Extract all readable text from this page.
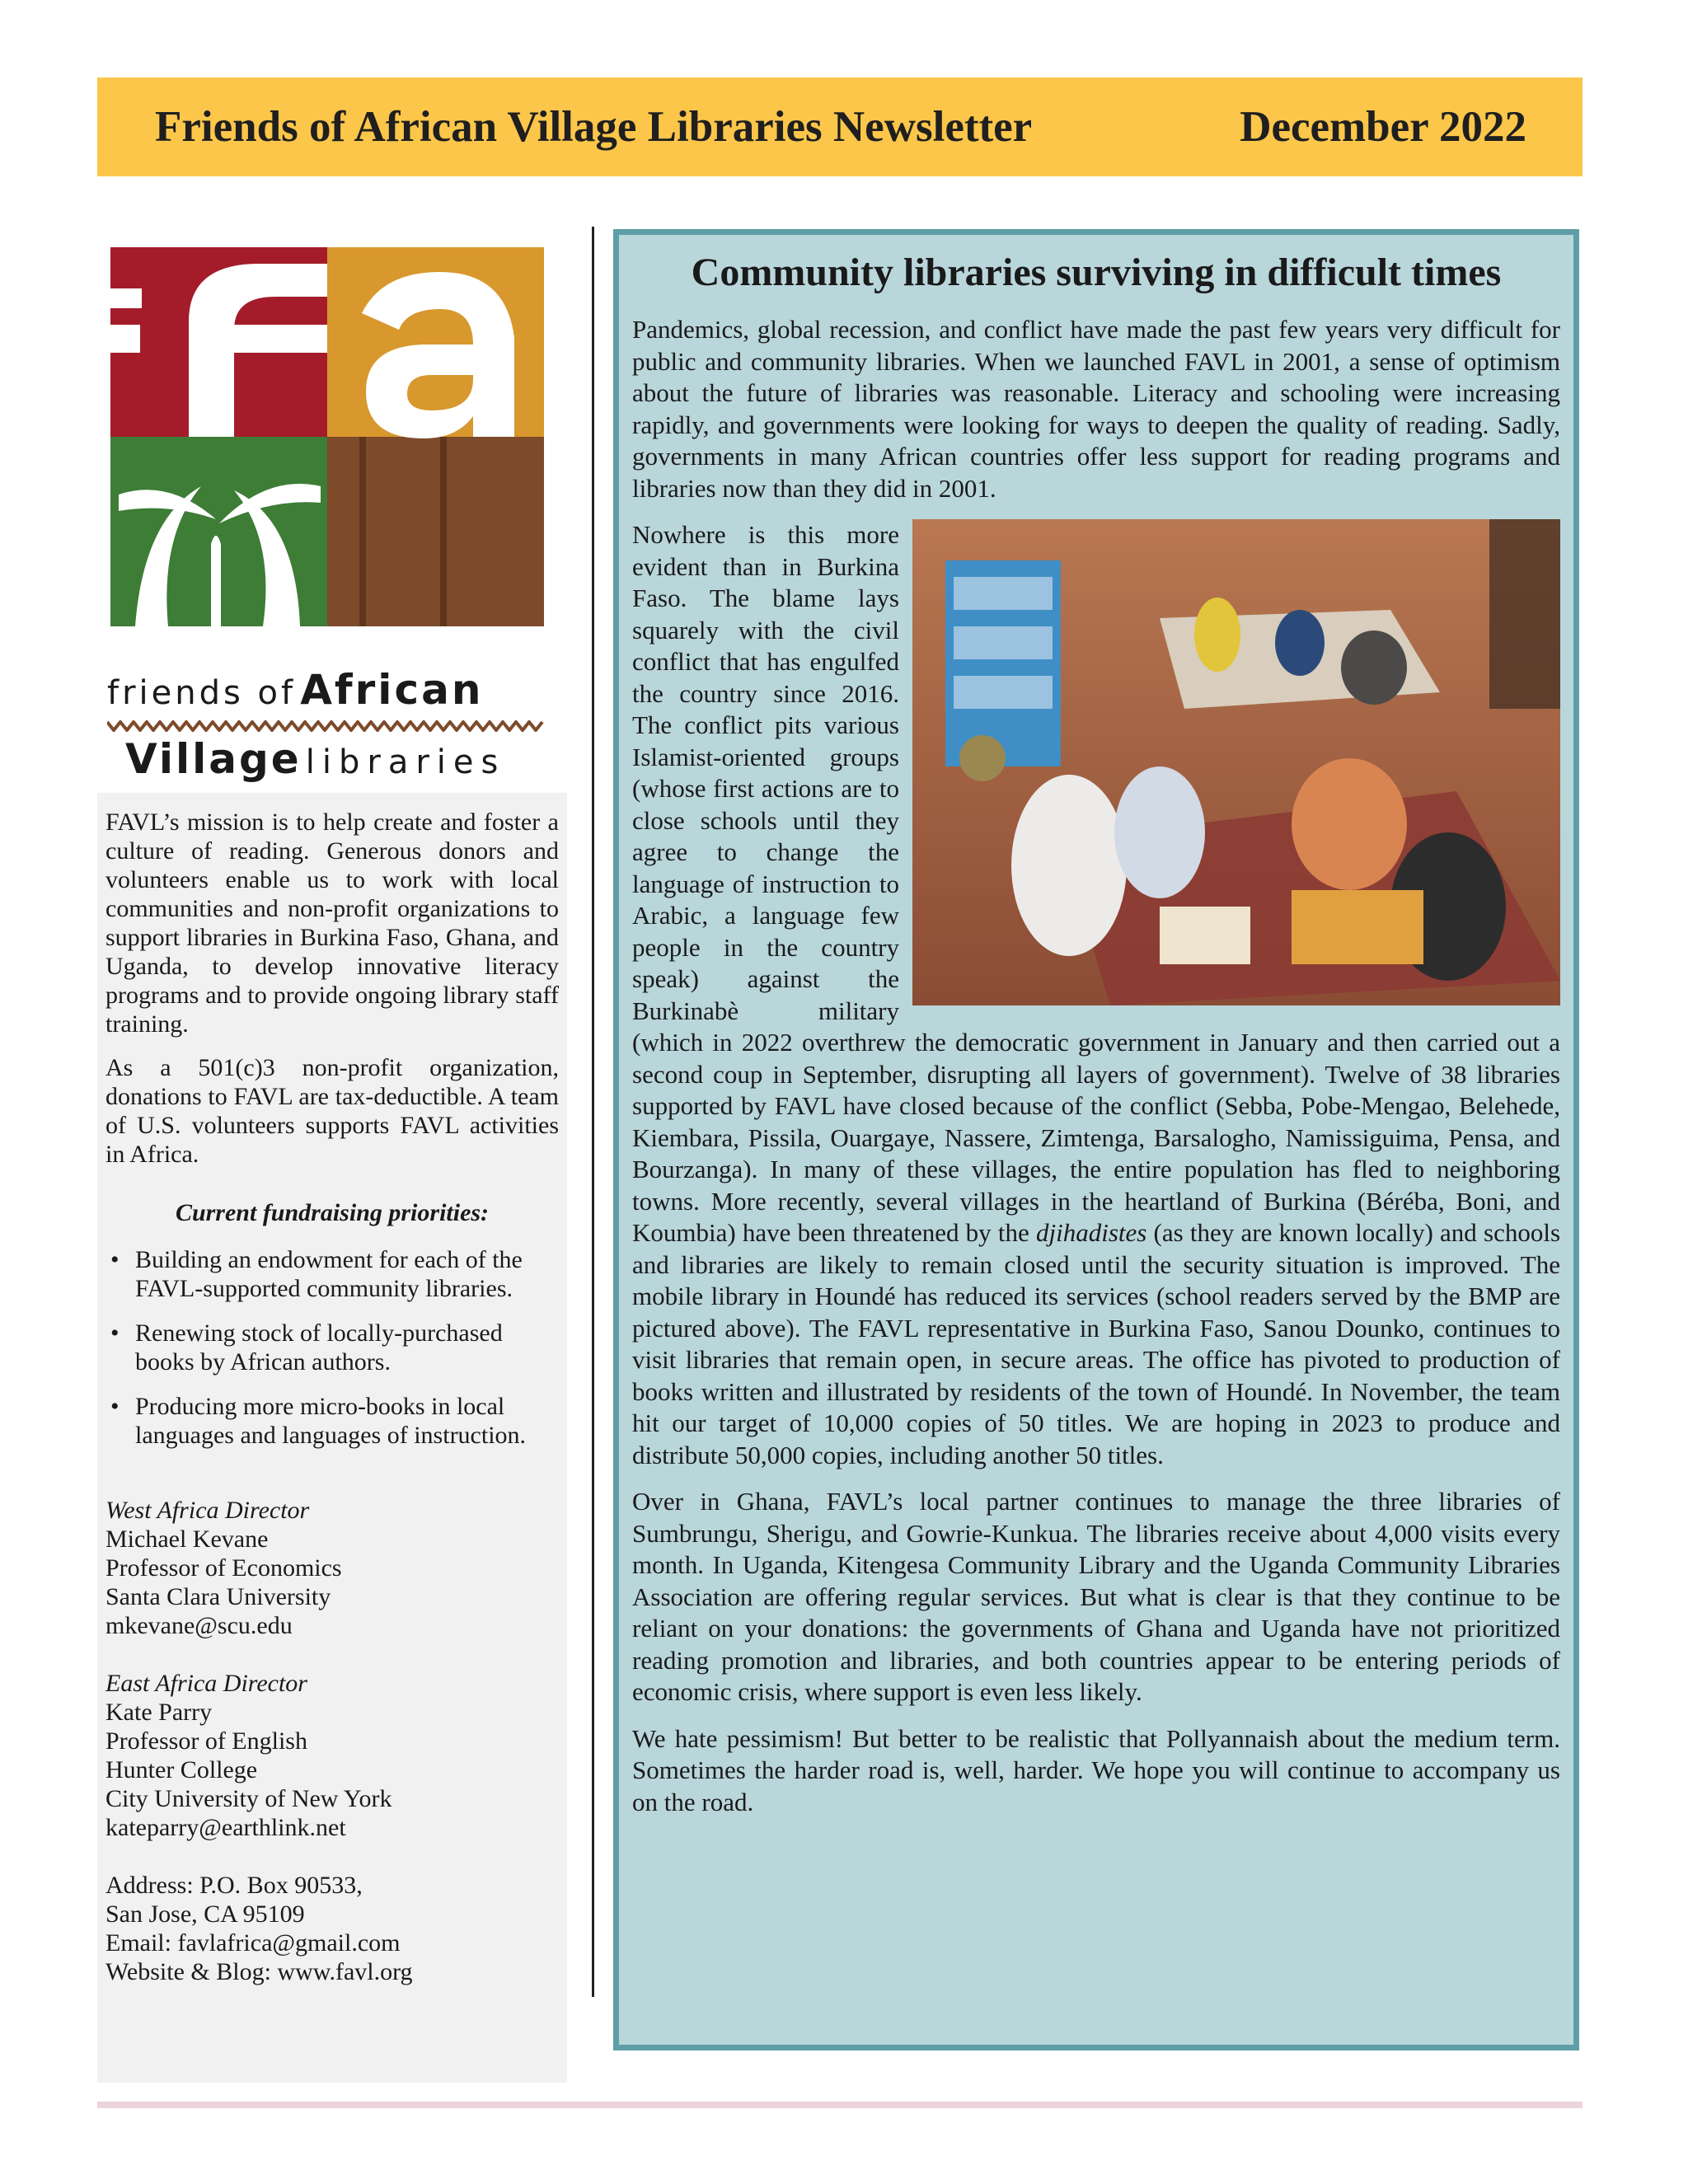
Friends of African Village Libraries Newsletter	December 2022
friends of African
Village libraries

FAVL’s mission is to help create and foster a culture of reading. Generous donors and volunteers enable us to work with local communities and non-profit organizations to support libraries in Burkina Faso, Ghana, and Uganda, to develop innovative literacy programs and to provide ongoing library staff training.

As a 501(c)3 non-profit organization, donations to FAVL are tax-deductible. A team of U.S. volunteers supports FAVL activities in Africa.

Current fundraising priorities:

• Building an endowment for each of the FAVL-supported community libraries.
• Renewing stock of locally-purchased books by African authors.
• Producing more micro-books in local languages and languages of instruction.
West Africa Director
Michael Kevane
Professor of Economics
Santa Clara University
mkevane@scu.edu
East Africa Director
Kate Parry
Professor of English
Hunter College
City University of New York
kateparry@earthlink.net
Address: P.O. Box 90533,
San Jose, CA 95109
Email: favlafrica@gmail.com
Website & Blog: www.favl.org
Community libraries surviving in difficult times

Pandemics, global recession, and conflict have made the past few years very difficult for public and community libraries. When we launched FAVL in 2001, a sense of optimism about the future of libraries was reasonable. Literacy and schooling were increasing rapidly, and governments were looking for ways to deepen the quality of reading. Sadly, governments in many African countries offer less support for reading programs and libraries now than they did in 2001.

Nowhere is this more evident than in Burkina Faso. The blame lays squarely with the civil conflict that has engulfed the country since 2016. The conflict pits various Islamist-oriented groups (whose first actions are to close schools until they agree to change the language of instruction to Arabic, a language few people in the country speak) against the Burkinabè military (which in 2022 overthrew the democratic government in January and then carried out a second coup in September, disrupting all layers of government). Twelve of 38 libraries supported by FAVL have closed because of the conflict (Sebba, Pobe-Mengao, Belehede, Kiembara, Pissila, Ouargaye, Nassere, Zimtenga, Barsalogho, Namissiguima, Pensa, and Bourzanga). In many of these villages, the entire population has fled to neighboring towns. More recently, several villages in the heartland of Burkina (Béréba, Boni, and Koumbia) have been threatened by the djihadistes (as they are known locally) and schools and libraries are likely to remain closed until the security situation is improved. The mobile library in Houndé has reduced its services (school readers served by the BMP are pictured above). The FAVL representative in Burkina Faso, Sanou Dounko, continues to visit libraries that remain open, in secure areas. The office has pivoted to production of books written and illustrated by residents of the town of Houndé. In November, the team hit our target of 10,000 copies of 50 titles. We are hoping in 2023 to produce and distribute 50,000 copies, including another 50 titles.

Over in Ghana, FAVL’s local partner continues to manage the three libraries of Sumbrungu, Sherigu, and Gowrie-Kunkua. The libraries receive about 4,000 visits every month. In Uganda, Kitengesa Community Library and the Uganda Community Libraries Association are offering regular services. But what is clear is that they continue to be reliant on your donations: the governments of Ghana and Uganda have not prioritized reading promotion and libraries, and both countries appear to be entering periods of economic crisis, where support is even less likely.

We hate pessimism! But better to be realistic that Pollyannaish about the medium term. Sometimes the harder road is, well, harder. We hope you will continue to accompany us on the road.
